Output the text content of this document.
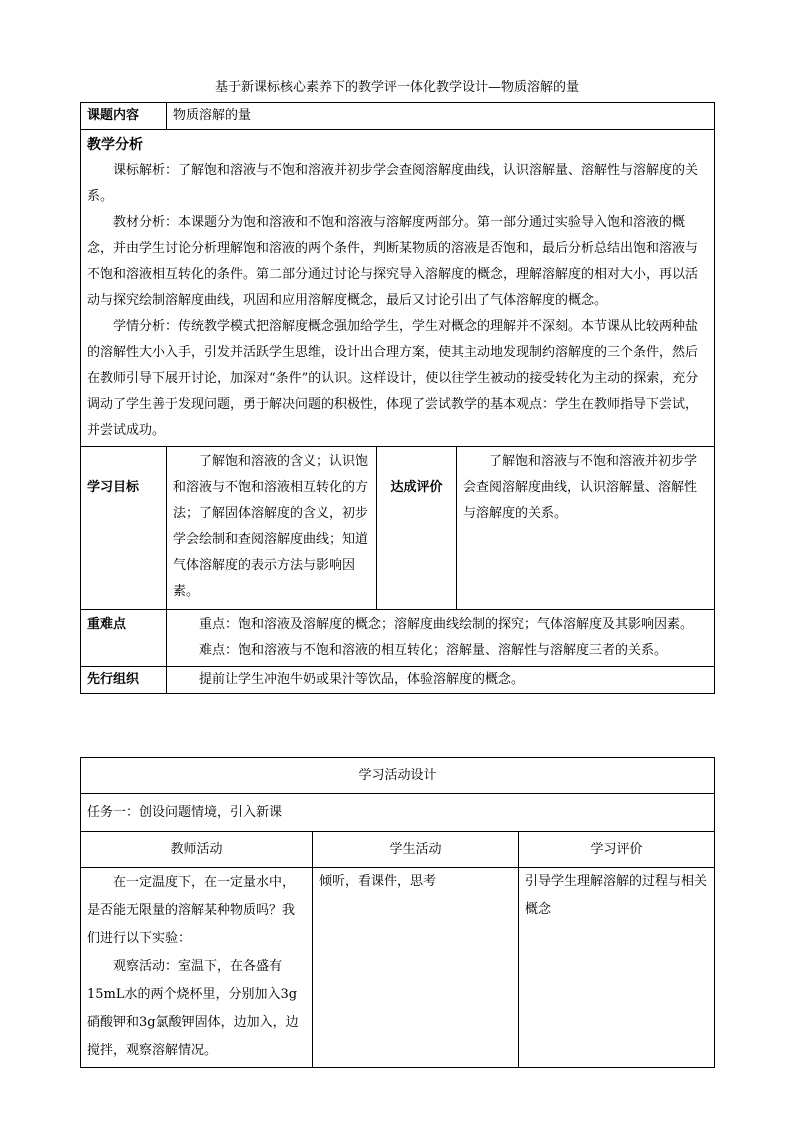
基于新课标核心素养下的教学评一体化教学设计—物质溶解的量
课题内容	物质溶解的量		

教学分析

课标解析：了解饱和溶液与不饱和溶液并初步学会查阅溶解度曲线，认识溶解量、溶解性与溶解度的关系。

教材分析：本课题分为饱和溶液和不饱和溶液与溶解度两部分。第一部分通过实验导入饱和溶液的概念，并由学生讨论分析理解饱和溶液的两个条件，判断某物质的溶液是否饱和，最后分析总结出饱和溶液与不饱和溶液相互转化的条件。第二部分通过讨论与探究导入溶解度的概念，理解溶解度的相对大小，再以活动与探究绘制溶解度曲线，巩固和应用溶解度概念，最后又讨论引出了气体溶解度的概念。

学情分析：传统教学模式把溶解度概念强加给学生，学生对概念的理解并不深刻。本节课从比较两种盐的溶解性大小入手，引发并活跃学生思维，设计出合理方案，使其主动地发现制约溶解度的三个条件，然后在教师引导下展开讨论，加深对“条件”的认识。这样设计，使以往学生被动的接受转化为主动的探索，充分调动了学生善于发现问题，勇于解决问题的积极性，体现了尝试教学的基本观点：学生在教师指导下尝试，并尝试成功。			

学习目标	了解饱和溶液的含义；认识饱和溶液与不饱和溶液相互转化的方法；了解固体溶解度的含义，初步学会绘制和查阅溶解度曲线；知道气体溶解度的表示方法与影响因素。	达成评价	了解饱和溶液与不饱和溶液并初步学会查阅溶解度曲线，认识溶解量、溶解性与溶解度的关系。
重难点	重点：饱和溶液及溶解度的概念；溶解度曲线绘制的探究；气体溶解度及其影响因素。

难点：饱和溶液与不饱和溶液的相互转化；溶解量、溶解性与溶解度三者的关系。		

先行组织	提前让学生冲泡牛奶或果汁等饮品，体验溶解度的概念。		
学习活动设计		
任务一：创设问题情境，引入新课		
教师活动	学生活动	学习评价

在一定温度下，在一定量水中，是否能无限量的溶解某种物质吗？我们进行以下实验：

观察活动：室温下，在各盛有15mL水的两个烧杯里，分别加入3g硝酸钾和3g氯酸钾固体，边加入，边搅拌，观察溶解情况。	倾听，看课件，思考	引导学生理解溶解的过程与相关概念
